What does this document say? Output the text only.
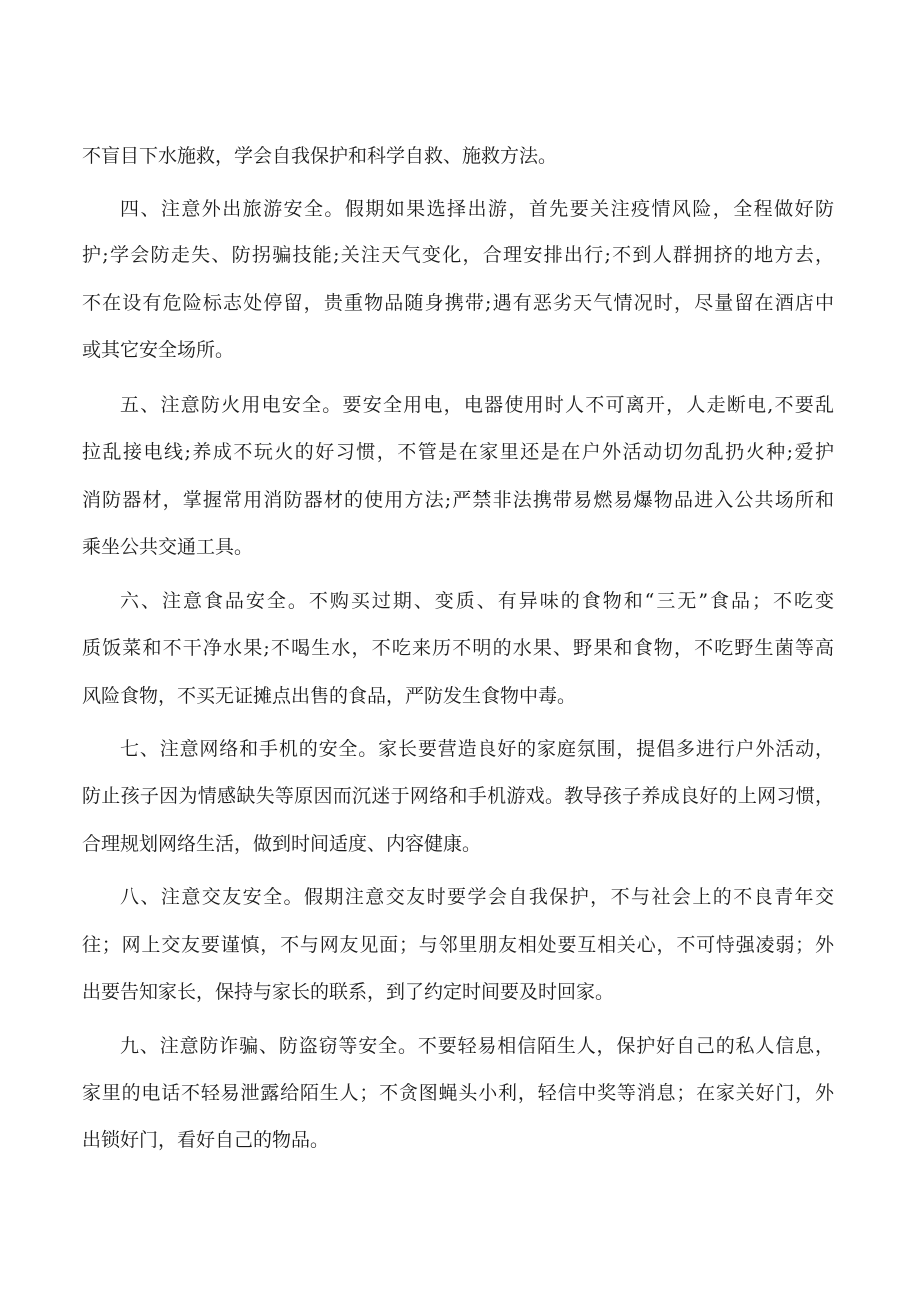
不盲目下水施救，学会自我保护和科学自救、施救方法。
四、注意外出旅游安全。假期如果选择出游，首先要关注疫情风险，全程做好防
护;学会防走失、防拐骗技能;关注天气变化，合理安排出行;不到人群拥挤的地方去，
不在设有危险标志处停留，贵重物品随身携带;遇有恶劣天气情况时，尽量留在酒店中
或其它安全场所。
五、注意防火用电安全。要安全用电，电器使用时人不可离开，人走断电,不要乱
拉乱接电线;养成不玩火的好习惯，不管是在家里还是在户外活动切勿乱扔火种;爱护
消防器材，掌握常用消防器材的使用方法;严禁非法携带易燃易爆物品进入公共场所和
乘坐公共交通工具。
六、注意食品安全。不购买过期、变质、有异味的食物和“三无”食品；不吃变
质饭菜和不干净水果;不喝生水，不吃来历不明的水果、野果和食物，不吃野生菌等高
风险食物，不买无证摊点出售的食品，严防发生食物中毒。
七、注意网络和手机的安全。家长要营造良好的家庭氛围，提倡多进行户外活动，
防止孩子因为情感缺失等原因而沉迷于网络和手机游戏。教导孩子养成良好的上网习惯，
合理规划网络生活，做到时间适度、内容健康。
八、注意交友安全。假期注意交友时要学会自我保护，不与社会上的不良青年交
往；网上交友要谨慎，不与网友见面；与邻里朋友相处要互相关心，不可恃强凌弱；外
出要告知家长，保持与家长的联系，到了约定时间要及时回家。
九、注意防诈骗、防盗窃等安全。不要轻易相信陌生人，保护好自己的私人信息，
家里的电话不轻易泄露给陌生人；不贪图蝇头小利，轻信中奖等消息；在家关好门，外
出锁好门，看好自己的物品。
